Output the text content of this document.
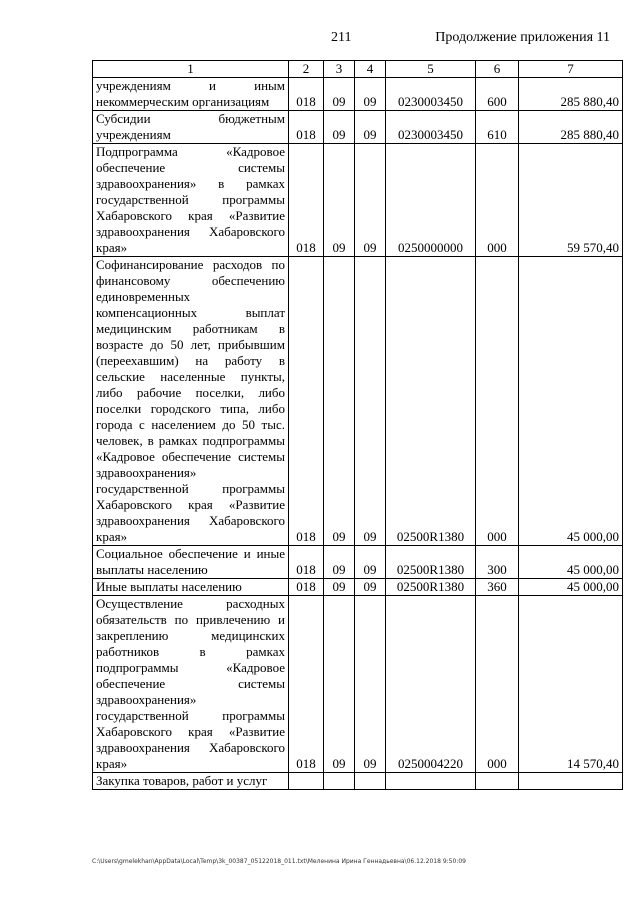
211	Продолжение приложения 11
1	2	3	4	5	6	7
учреждениям и иным некоммерческим организациям	018	09	09	0230003450	600	285 880,40
Субсидии бюджетным учреждениям	018	09	09	0230003450	610	285 880,40
Подпрограмма «Кадровое обеспечение системы здравоохранения» в рамках государственной программы Хабаровского края «Развитие здравоохранения Хабаровского края»	018	09	09	0250000000	000	59 570,40
Софинансирование расходов по финансовому обеспечению единовременных компенсационных выплат медицинским работникам в возрасте до 50 лет, прибывшим (переехавшим) на работу в сельские населенные пункты, либо рабочие поселки, либо поселки городского типа, либо города с населением до 50 тыс. человек, в рамках подпрограммы «Кадровое обеспечение системы здравоохранения» государственной программы Хабаровского края «Развитие здравоохранения Хабаровского края»	018	09	09	02500R1380	000	45 000,00
Социальное обеспечение и иные выплаты населению	018	09	09	02500R1380	300	45 000,00
Иные выплаты населению	018	09	09	02500R1380	360	45 000,00
Осуществление расходных обязательств по привлечению и закреплению медицинских работников в рамках подпрограммы «Кадровое обеспечение системы здравоохранения» государственной программы Хабаровского края «Развитие здравоохранения Хабаровского края»	018	09	09	0250004220	000	14 570,40
Закупка товаров, работ и услуг						
C:\Users\gmelekhan\AppData\Local\Temp\3k_00387_05122018_011.txt\Меленина Ирина Геннадьевна\06.12.2018 9:50:09
